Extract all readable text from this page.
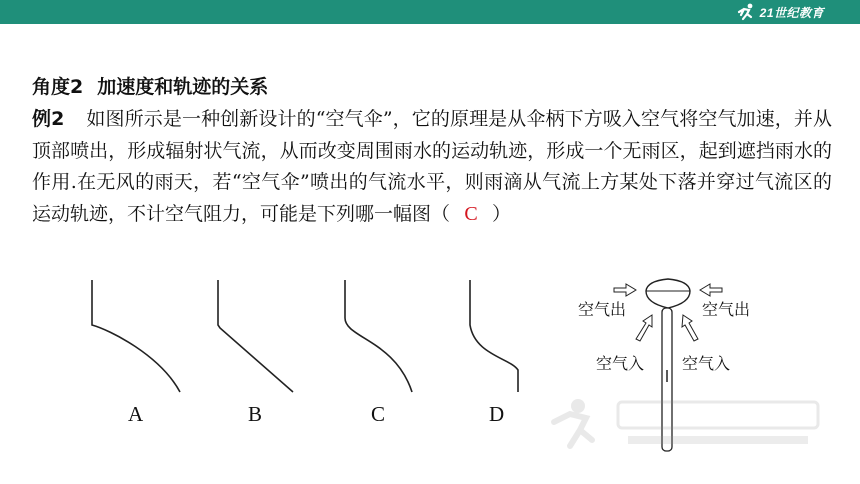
21世纪教育
角度2 加速度和轨迹的关系
例2 如图所示是一种创新设计的“空气伞”，它的原理是从伞柄下方吸入空气将空气加速，并从顶部喷出，形成辐射状气流，从而改变周围雨水的运动轨迹，形成一个无雨区，起到遮挡雨水的作用.在无风的雨天，若“空气伞”喷出的气流水平，则雨滴从气流上方某处下落并穿过气流区的运动轨迹，不计空气阻力，可能是下列哪一幅图（ C ）
A	B	C	D
空气出	空气出
空气入 空气入
